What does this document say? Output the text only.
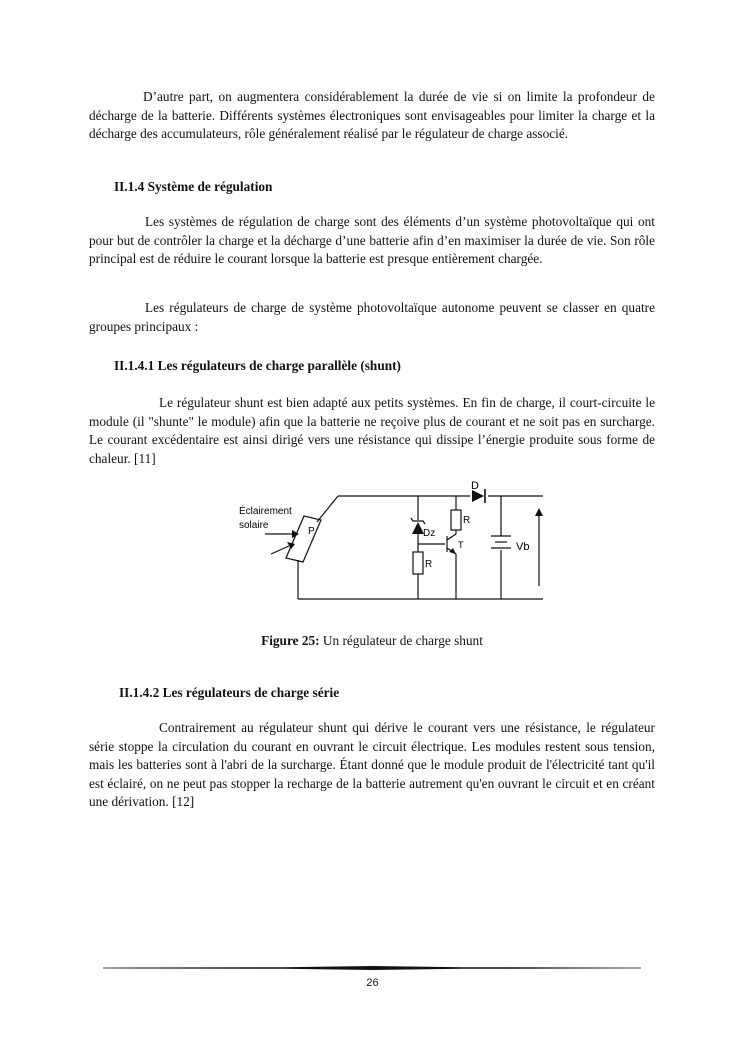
D’autre part, on augmentera considérablement la durée de vie si on limite la profondeur de décharge de la batterie. Différents systèmes électroniques sont envisageables pour limiter la charge et la décharge des accumulateurs, rôle généralement réalisé par le régulateur de charge associé.

II.1.4 Système de régulation

Les systèmes de régulation de charge sont des éléments d’un système photovoltaïque qui ont pour but de contrôler la charge et la décharge d’une batterie afin d’en maximiser la durée de vie. Son rôle principal est de réduire le courant lorsque la batterie est presque entièrement chargée.

Les régulateurs de charge de système photovoltaïque autonome peuvent se classer en quatre groupes principaux :

II.1.4.1 Les régulateurs de charge parallèle (shunt)

Le régulateur shunt est bien adapté aux petits systèmes. En fin de charge, il court-circuite le module (il "shunte" le module) afin que la batterie ne reçoive plus de courant et ne soit pas en surcharge. Le courant excédentaire est ainsi dirigé vers une résistance qui dissipe l’énergie produite sous forme de chaleur. [11]

D
Dz
R
R
T	Vb
P
Éclairement
solaire

Figure 25: Un régulateur de charge shunt

II.1.4.2 Les régulateurs de charge série

Contrairement au régulateur shunt qui dérive le courant vers une résistance, le régulateur série stoppe la circulation du courant en ouvrant le circuit électrique. Les modules restent sous tension, mais les batteries sont à l'abri de la surcharge. Étant donné que le module produit de l'électricité tant qu'il est éclairé, on ne peut pas stopper la recharge de la batterie autrement qu'en ouvrant le circuit et en créant une dérivation. [12]

26
